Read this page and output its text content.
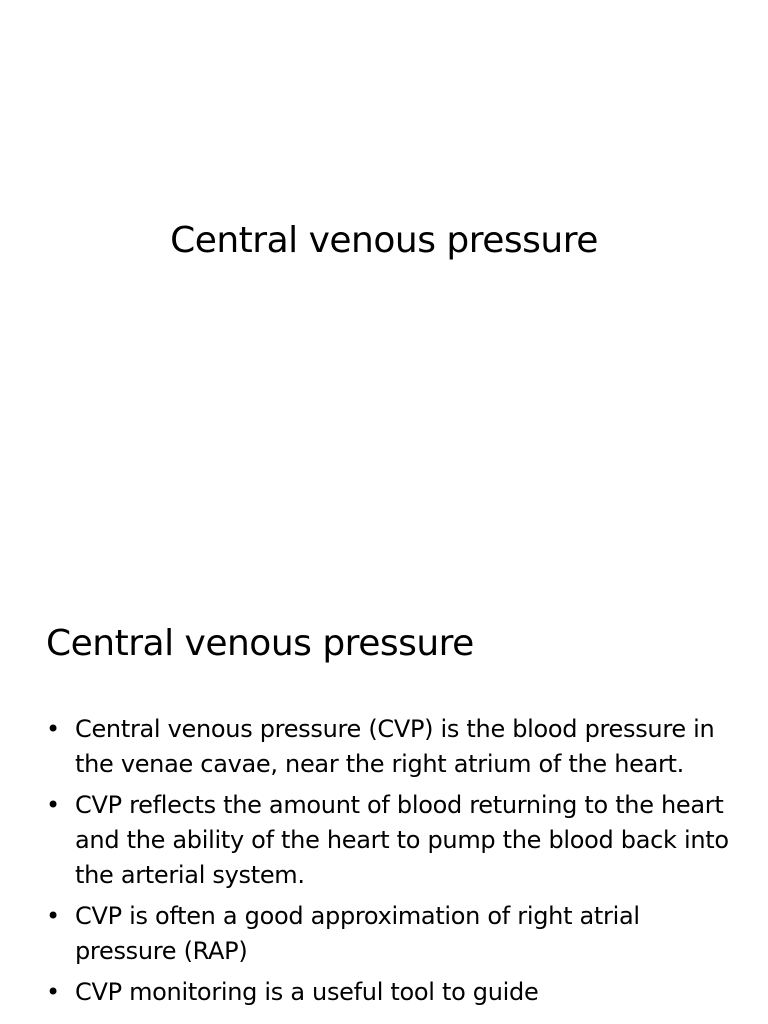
Central venous pressure
Central venous pressure
• Central venous pressure (CVP) is the blood pressure in the venae cavae, near the right atrium of the heart.
• CVP reflects the amount of blood returning to the heart and the ability of the heart to pump the blood back into the arterial system.
• CVP is often a good approximation of right atrial pressure (RAP)
• CVP monitoring is a useful tool to guide
